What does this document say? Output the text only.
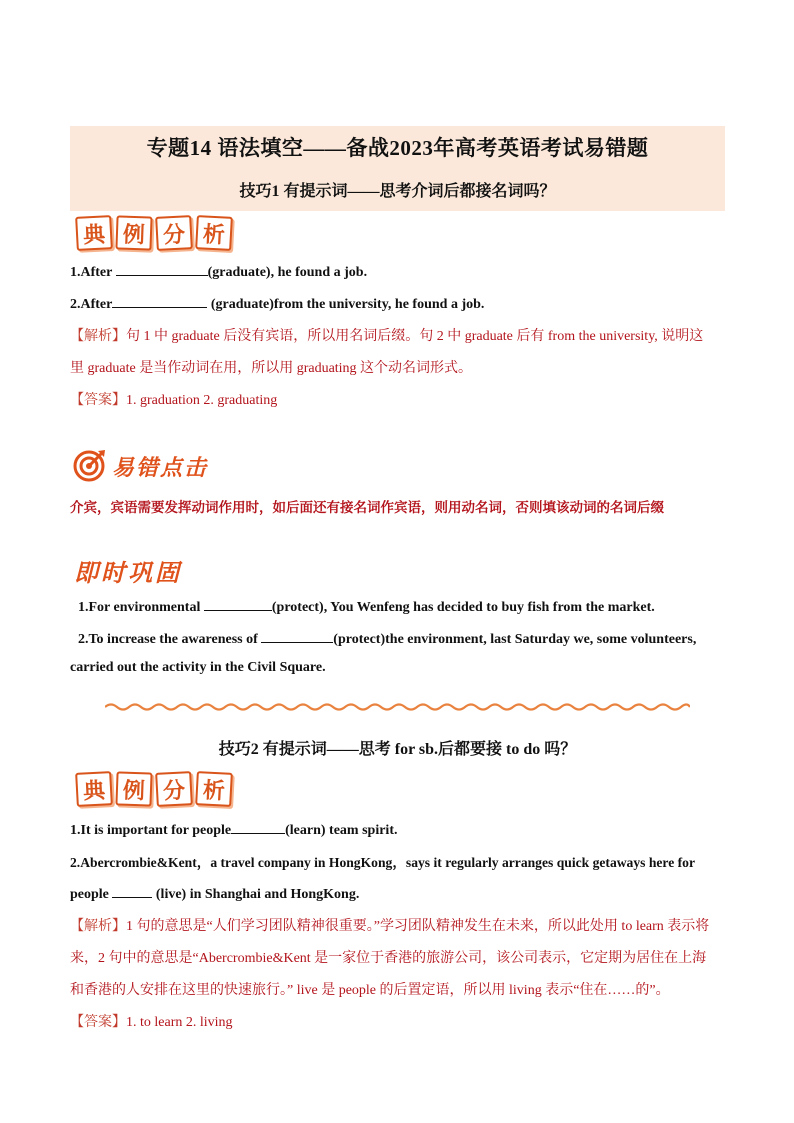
专题14 语法填空——备战2023年高考英语考试易错题
技巧1 有提示词——思考介词后都接名词吗？
典 例 分 析
1.After	(graduate), he found a job.
2.After	(graduate)from the university, he found a job.
【解析】句 1 中 graduate 后没有宾语，所以用名词后缀。句 2 中 graduate 后有 from the university, 说明这
里 graduate 是当作动词在用，所以用 graduating 这个动名词形式。
【答案】1. graduation 2. graduating
易错点击
介宾，宾语需要发挥动词作用时，如后面还有接名词作宾语，则用动名词，否则填该动词的名词后缀
即时巩固
1.For environmental	(protect), You Wenfeng has decided to buy fish from the market.
2.To increase the awareness of	(protect)the environment, last Saturday we, some volunteers,
carried out the activity in the Civil Square.
技巧2 有提示词——思考 for sb.后都要接 to do 吗？
典 例 分 析
1.It is important for people	(learn) team spirit.
2.Abercrombie&Kent，a travel company in HongKong，says it regularly arranges quick getaways here for
people	(live) in Shanghai and HongKong.
【解析】1 句的意思是“人们学习团队精神很重要。”学习团队精神发生在未来，所以此处用 to learn 表示将
来，2 句中的意思是“Abercrombie&Kent 是一家位于香港的旅游公司，该公司表示，它定期为居住在上海
和香港的人安排在这里的快速旅行。” live 是 people 的后置定语，所以用 living 表示“住在……的”。
【答案】1. to learn 2. living
